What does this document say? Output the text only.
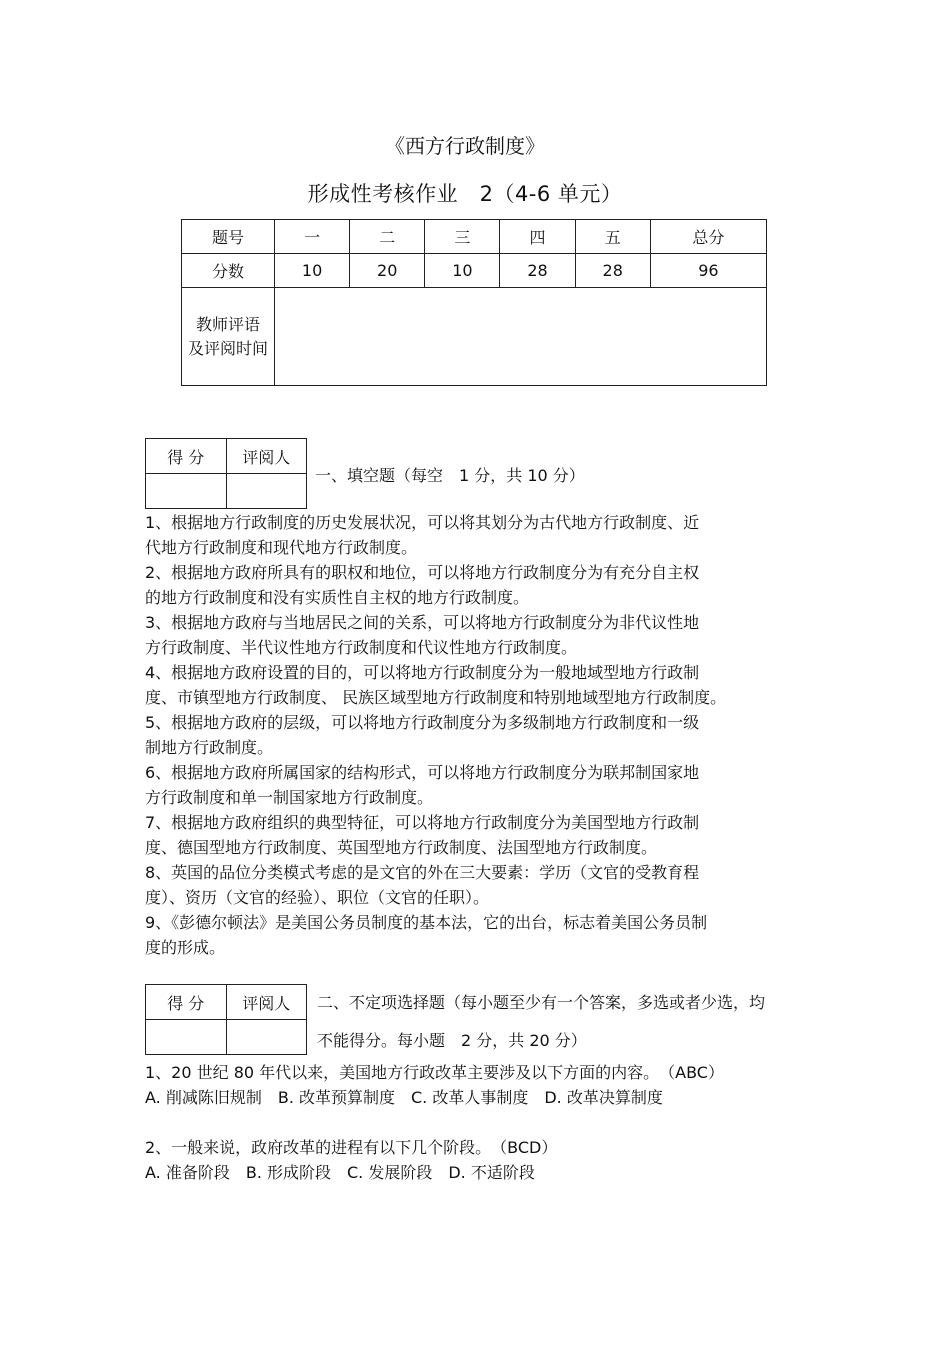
《西方行政制度》
形成性考核作业　2（4-6 单元）
题号	一	二	三	四	五	总分
分数	10	20	10	28	28	96

教师评语
及评阅时间						

得 分	评阅人

一、填空题（每空　1 分，共 10 分）

1、根据地方行政制度的历史发展状况，可以将其划分为古代地方行政制度、近

代地方行政制度和现代地方行政制度。

2、根据地方政府所具有的职权和地位，可以将地方行政制度分为有充分自主权

的地方行政制度和没有实质性自主权的地方行政制度。

3、根据地方政府与当地居民之间的关系，可以将地方行政制度分为非代议性地

方行政制度、半代议性地方行政制度和代议性地方行政制度。

4、根据地方政府设置的目的，可以将地方行政制度分为一般地域型地方行政制

度、市镇型地方行政制度、 民族区域型地方行政制度和特别地域型地方行政制度。

5、根据地方政府的层级，可以将地方行政制度分为多级制地方行政制度和一级

制地方行政制度。

6、根据地方政府所属国家的结构形式，可以将地方行政制度分为联邦制国家地

方行政制度和单一制国家地方行政制度。

7、根据地方政府组织的典型特征，可以将地方行政制度分为美国型地方行政制

度、德国型地方行政制度、英国型地方行政制度、法国型地方行政制度。

8、英国的品位分类模式考虑的是文官的外在三大要素：学历（文官的受教育程

度）、资历（文官的经验）、职位（文官的任职）。

9、《彭德尔顿法》是美国公务员制度的基本法，它的出台，标志着美国公务员制

度的形成。

得 分	评阅人
	二、不定项选择题（每小题至少有一个答案，多选或者少选，均
不能得分。每小题　2 分，共 20 分）
1、20 世纪 80 年代以来，美国地方行政改革主要涉及以下方面的内容。　（ABC）
A. 削减陈旧规制　B. 改革预算制度　C. 改革人事制度　D. 改革决算制度
2、一般来说，政府改革的进程有以下几个阶段。　（BCD）
A. 准备阶段　B. 形成阶段　C. 发展阶段　D. 不适阶段
